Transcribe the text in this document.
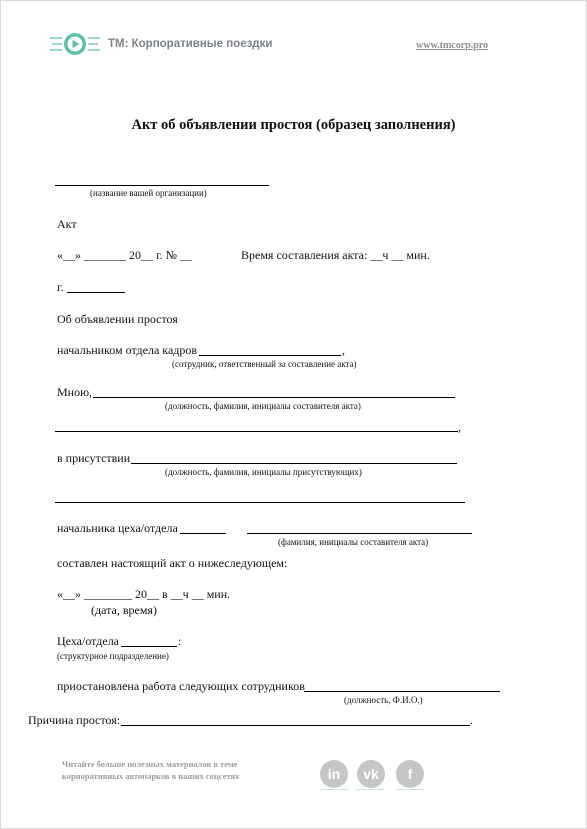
ТМ: Корпоративные поездки	www.tmcorp.pro
Акт об объявлении простоя (образец заполнения)
(название вашей организации)
Акт
«__» _______ 20__ г. № __	Время составления акта: __ч __ мин.
г.
Об объявлении простоя
начальником отдела кадров	,
(сотрудник, ответственный за составление акта)
Мною,
(должность, фамилия, инициалы составителя акта)
,
в присутствии
(должность, фамилия, инициалы присутствующих)
начальника цеха/отдела
(фамилия, инициалы составителя акта)
составлен настоящий акт о нижеследующем:
«__» ________ 20__ в __ч __ мин.
(дата, время)
Цеха/отдела	:
(структурное подразделение)
приостановлена работа следующих сотрудников
(должность, Ф.И.О.)
Причина простоя:	.
Читайте больше полезных материалов в теме корпоративных автопарков в наших соцсетях	in	vk	f
